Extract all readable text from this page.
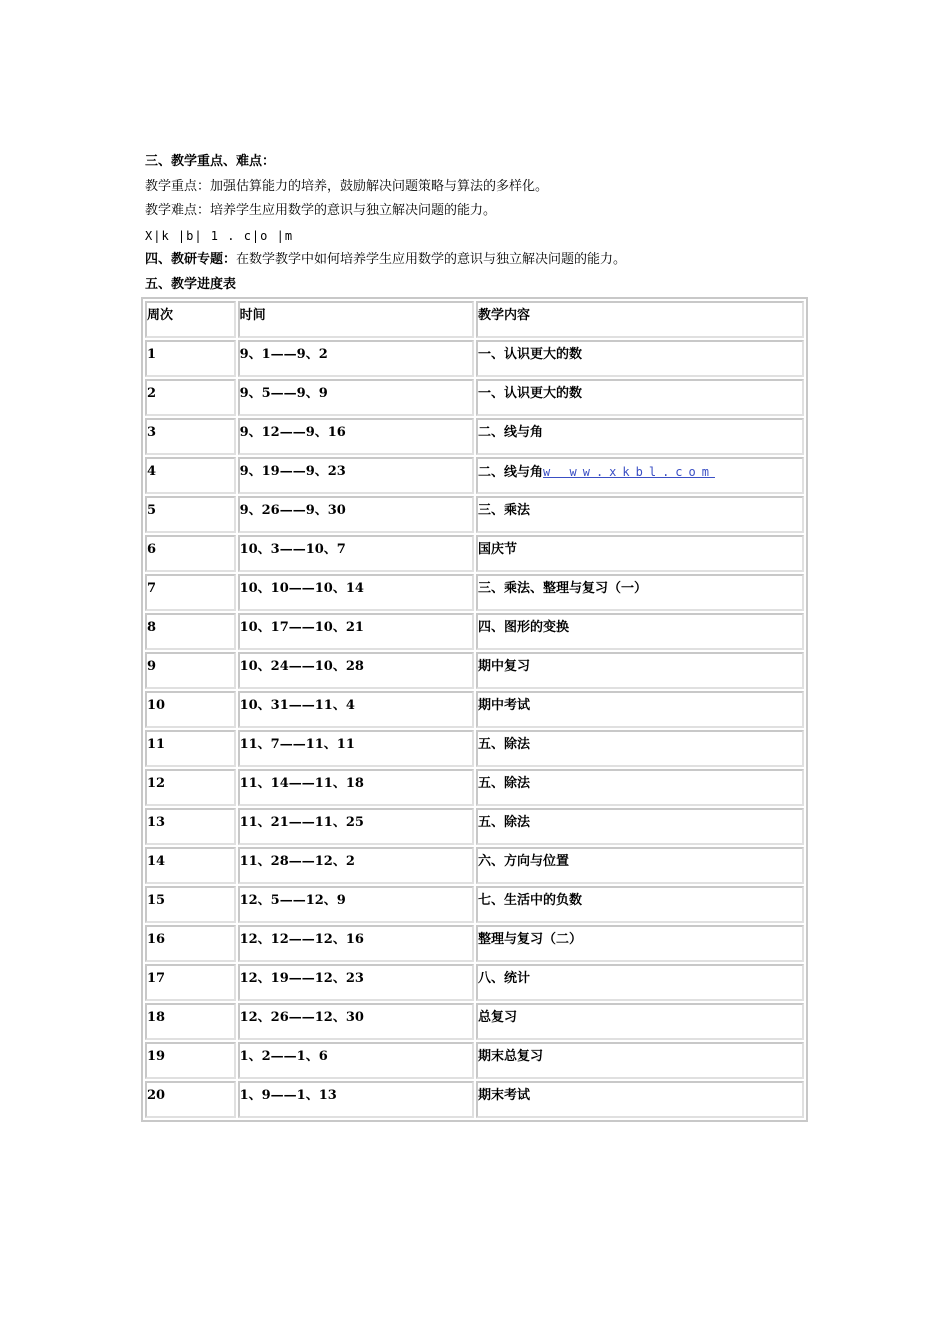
三、教学重点、难点：
教学重点：加强估算能力的培养，鼓励解决问题策略与算法的多样化。
教学难点：培养学生应用数学的意识与独立解决问题的能力。
X|k |b| 1 . c|o |m
四、教研专题：在数学教学中如何培养学生应用数学的意识与独立解决问题的能力。
五、教学进度表
周次	时间	教学内容
1	9、1——9、2	一、认识更大的数
2	9、5——9、9	一、认识更大的数
3	9、12——9、16	二、线与角
4	9、19——9、23	二、线与角w ww.xkbl.com
5	9、26——9、30	三、乘法
6	10、3——10、7	国庆节
7	10、10——10、14	三、乘法、整理与复习（一）
8	10、17——10、21	四、图形的变换
9	10、24——10、28	期中复习
10	10、31——11、4	期中考试
11	11、7——11、11	五、除法
12	11、14——11、18	五、除法
13	11、21——11、25	五、除法
14	11、28——12、2	六、方向与位置
15	12、5——12、9	七、生活中的负数
16	12、12——12、16	整理与复习（二）
17	12、19——12、23	八、统计
18	12、26——12、30	总复习
19	1、2——1、6	期末总复习
20	1、9——1、13	期末考试
